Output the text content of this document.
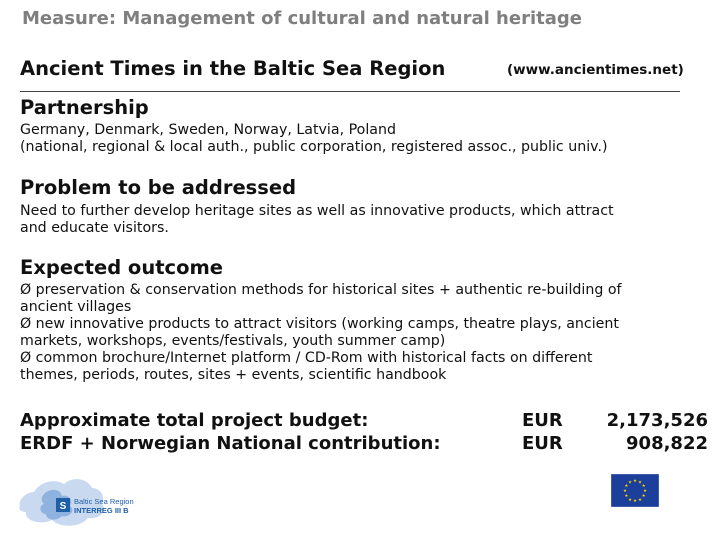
Measure: Management of cultural and natural heritage
Ancient Times in the Baltic Sea Region	(www.ancientimes.net)
Partnership
Germany, Denmark, Sweden, Norway, Latvia, Poland
(national, regional & local auth., public corporation, registered assoc., public univ.)
Problem to be addressed
Need to further develop heritage sites as well as innovative products, which attract
and educate visitors.
Expected outcome
Ø preservation & conservation methods for historical sites + authentic re-building of
ancient villages
Ø new innovative products to attract visitors (working camps, theatre plays, ancient
markets, workshops, events/festivals, youth summer camp)
Ø common brochure/Internet platform / CD-Rom with historical facts on different
themes, periods, routes, sites + events, scientific handbook
Approximate total project budget:
ERDF + Norwegian National contribution:
EUR
EUR
2,173,526
908,822
S Baltic Sea Region
INTERREG III B
★ ★
★
★
★
★
★
★
★
★
★
★
